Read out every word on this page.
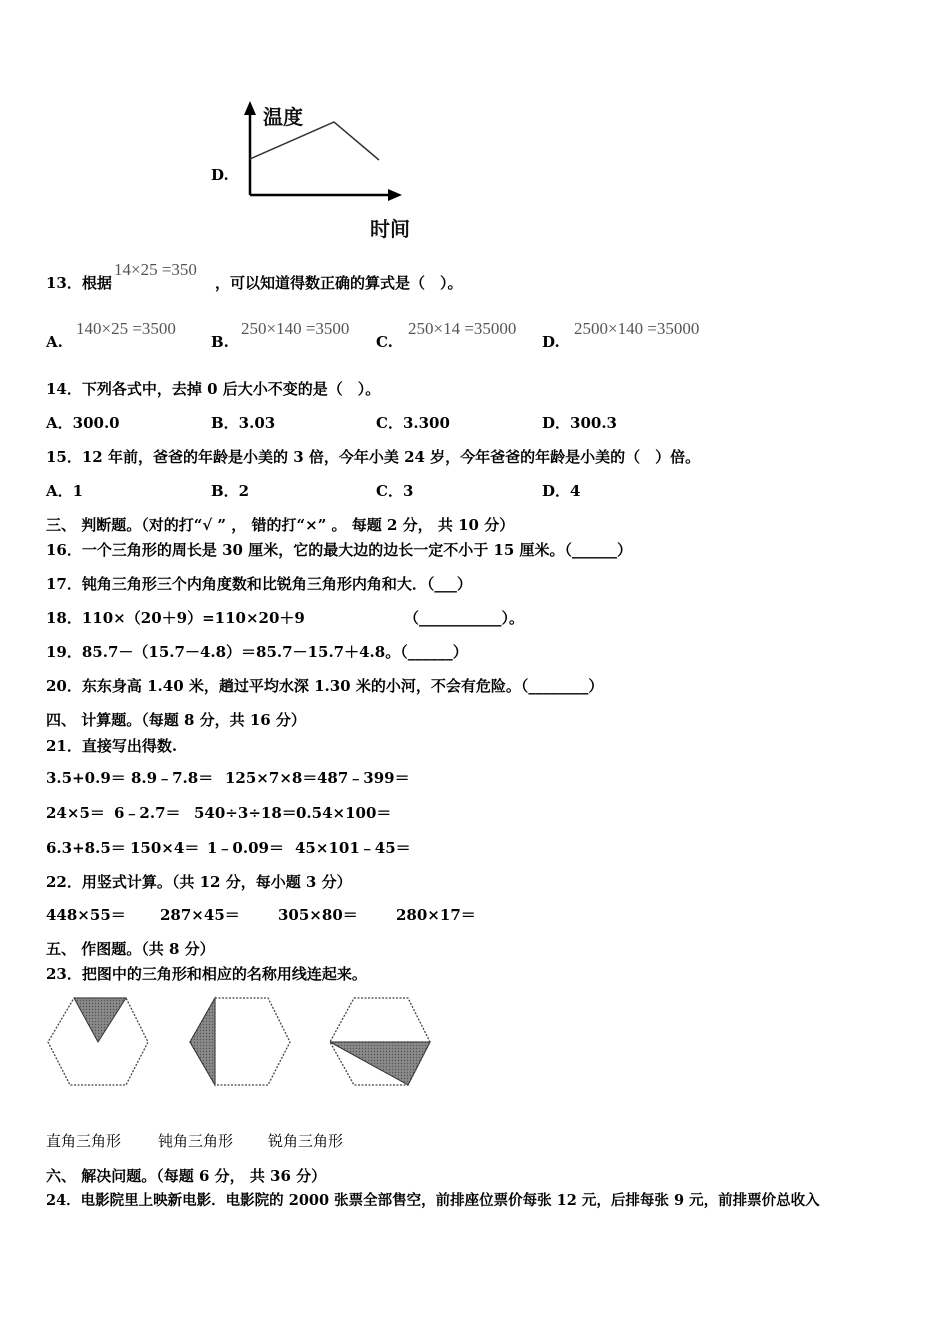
D.
温度
时间
13．根据
14×25 =350
，可以知道得数正确的算式是（　）。
A.
140×25 =3500
B.
250×140 =3500
C.
250×14 =35000
D.
2500×140 =35000
14．下列各式中，去掉 0 后大小不变的是（　）。
A．300.0	B．3.03	C．3.300	D．300.3
15．12 年前，爸爸的年龄是小美的 3 倍，今年小美 24 岁，今年爸爸的年龄是小美的（　）倍。
A．1	B．2	C．3	D．4
三、 判断题。（对的打“√ ” ， 错的打“×” 。 每题 2 分， 共 10 分）
16．一个三角形的周长是 30 厘米，它的最大边的边长一定不小于 15 厘米。（______）
17．钝角三角形三个内角度数和比锐角三角形内角和大．（___）
18．110×（20＋9）=110×20＋9	（___________）。
19．85.7－（15.7－4.8）＝85.7－15.7＋4.8。（______）
20．东东身高 1.40 米，趟过平均水深 1.30 米的小河，不会有危险。（________）
四、 计算题。（每题 8 分，共 16 分）
21．直接写出得数.
3.5+0.9＝ 8.9﹣7.8＝ 125×7×8＝487﹣399＝
24×5＝ 6﹣2.7＝ 540÷3÷18＝0.54×100＝
6.3+8.5＝ 150×4＝ 1﹣0.09＝ 45×101﹣45＝
22．用竖式计算。（共 12 分，每小题 3 分）
448×55＝ 287×45＝	305×80＝	280×17＝
五、 作图题。（共 8 分）
23．把图中的三角形和相应的名称用线连起来。
直角三角形 钝角三角形 锐角三角形
六、 解决问题。（每题 6 分， 共 36 分）
24．电影院里上映新电影．电影院的 2000 张票全部售空，前排座位票价每张 12 元，后排每张 9 元，前排票价总收入
